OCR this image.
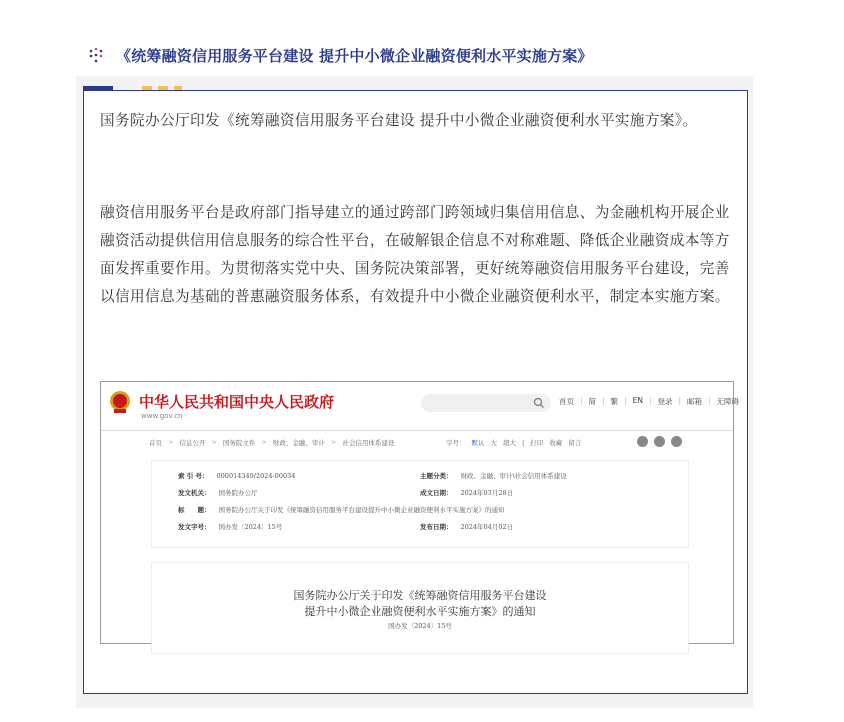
《统筹融资信用服务平台建设 提升中小微企业融资便利水平实施方案》

国务院办公厅印发《统筹融资信用服务平台建设 提升中小微企业融资便利水平实施方案》。

融资信用服务平台是政府部门指导建立的通过跨部门跨领域归集信用信息、为金融机构开展企业融资活动提供信用信息服务的综合性平台，在破解银企信息不对称难题、降低企业融资成本等方面发挥重要作用。为贯彻落实党中央、国务院决策部署，更好统筹融资信用服务平台建设，完善以信用信息为基础的普惠融资服务体系，有效提升中小微企业融资便利水平，制定本实施方案。

中华人民共和国中央人民政府
www.gov.cn
首页 | 简 | 繁 | EN | 登录 | 邮箱 | 无障碍
首页 > 信息公开 > 国务院文件 > 财政、金融、审计 > 社会信用体系建设	字号： 默认 大 超大 | 打印 收藏 留言
索 引 号： 000014349/2024-00034	主题分类： 财政、金融、审计\社会信用体系建设
发文机关： 国务院办公厅	成文日期： 2024年03月28日
标　　题： 国务院办公厅关于印发《统筹融资信用服务平台建设提升中小微企业融资便利水平实施方案》的通知
发文字号： 国办发〔2024〕15号	发布日期： 2024年04月02日
国务院办公厅关于印发《统筹融资信用服务平台建设
提升中小微企业融资便利水平实施方案》的通知
国办发〔2024〕15号
